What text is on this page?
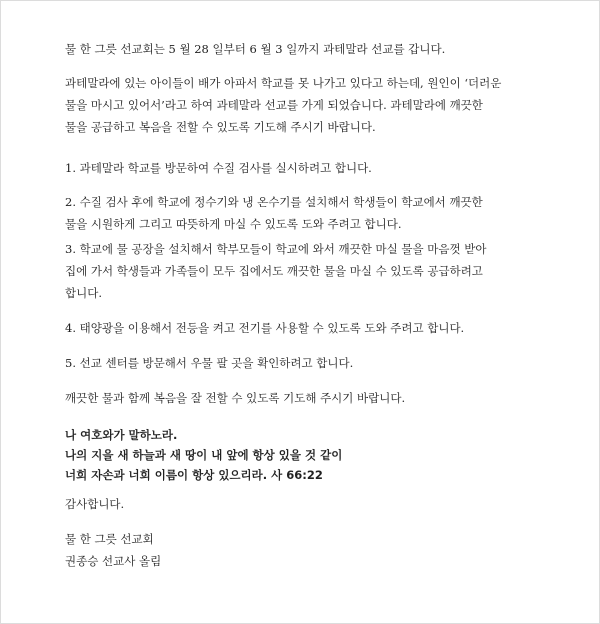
물 한 그릇 선교회는 5 월 28 일부터 6 월 3 일까지 과테말라 선교를 갑니다.

과테말라에 있는 아이들이 배가 아파서 학교를 못 나가고 있다고 하는데, 원인이 ‘더러운

물을 마시고 있어서’라고 하여 과테말라 선교를 가게 되었습니다. 과테말라에 깨끗한

물을 공급하고 복음을 전할 수 있도록 기도해 주시기 바랍니다.

1. 과테말라 학교를 방문하여 수질 검사를 실시하려고 합니다.

2. 수질 검사 후에 학교에 정수기와 냉 온수기를 설치해서 학생들이 학교에서 깨끗한

물을 시원하게 그리고 따뜻하게 마실 수 있도록 도와 주려고 합니다.

3. 학교에 물 공장을 설치해서 학부모들이 학교에 와서 깨끗한 마실 물을 마음껏 받아

집에 가서 학생들과 가족들이 모두 집에서도 깨끗한 물을 마실 수 있도록 공급하려고

합니다.

4. 태양광을 이용해서 전등을 켜고 전기를 사용할 수 있도록 도와 주려고 합니다.

5. 선교 센터를 방문해서 우물 팔 곳을 확인하려고 합니다.

깨끗한 물과 함께 복음을 잘 전할 수 있도록 기도해 주시기 바랍니다.

나 여호와가 말하노라.

나의 지을 새 하늘과 새 땅이 내 앞에 항상 있을 것 같이

너희 자손과 너희 이름이 항상 있으리라. 사 66:22

감사합니다.

물 한 그릇 선교회

권종승 선교사 올림
